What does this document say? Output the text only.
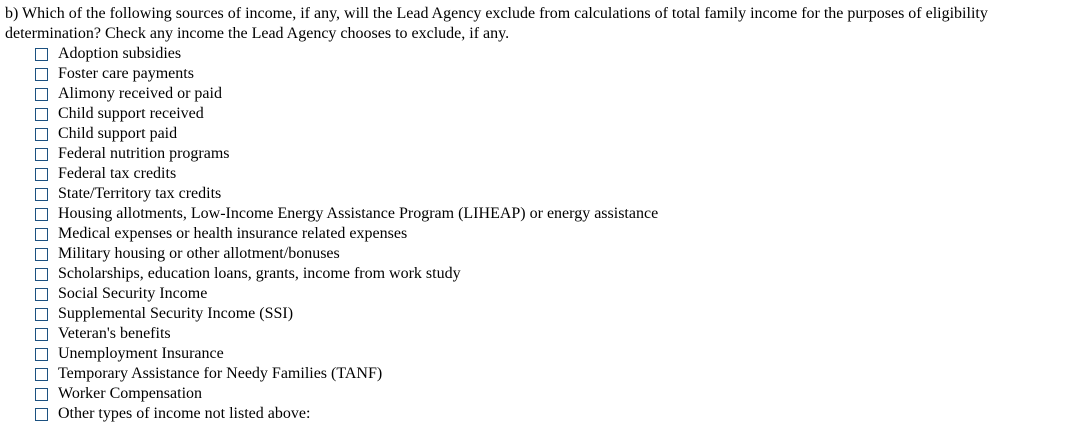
b) Which of the following sources of income, if any, will the Lead Agency exclude from calculations of total family income for the purposes of eligibility determination? Check any income the Lead Agency chooses to exclude, if any.

Adoption subsidies
Foster care payments
Alimony received or paid
Child support received
Child support paid
Federal nutrition programs
Federal tax credits
State/Territory tax credits
Housing allotments, Low-Income Energy Assistance Program (LIHEAP) or energy assistance
Medical expenses or health insurance related expenses
Military housing or other allotment/bonuses
Scholarships, education loans, grants, income from work study
Social Security Income
Supplemental Security Income (SSI)
Veteran's benefits
Unemployment Insurance
Temporary Assistance for Needy Families (TANF)
Worker Compensation
Other types of income not listed above:
